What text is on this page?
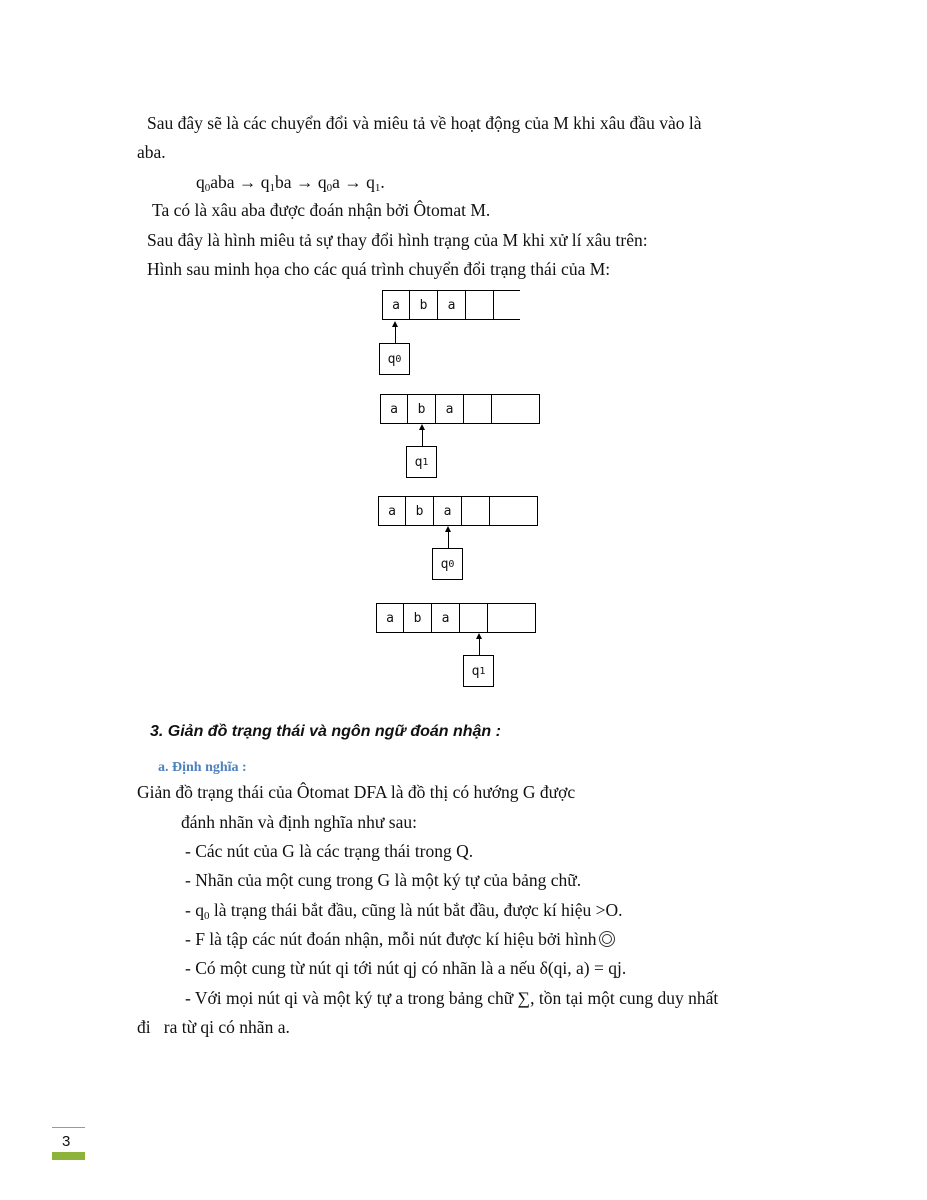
Sau đây sẽ là các chuyển đổi và miêu tả về hoạt động của M khi xâu đầu vào là
aba.
$q_0aba \to q_1ba \to q_0a \to q_1$.
Ta có là xâu aba được đoán nhận bởi Ôtomat M.
Sau đây là hình miêu tả sự thay đổi hình trạng của M khi xử lí xâu trên:
Hình sau minh họa cho các quá trình chuyển đổi trạng thái của M:
a	b	a
q 0
a	b	a
q 1
a	b	a
q 0
a	b	a
q 1
3. Giản đồ trạng thái và ngôn ngữ đoán nhận :
a. Định nghĩa :
Giản đồ trạng thái của Ôtomat DFA là đồ thị có hướng G được
đánh nhãn và định nghĩa như sau:
- Các nút của G là các trạng thái trong Q.
- Nhãn của một cung trong G là một ký tự của bảng chữ.
- $q_0$ là trạng thái bắt đầu, cũng là nút bắt đầu, được kí hiệu >O.
- F là tập các nút đoán nhận, mỗi nút được kí hiệu bởi hình
- Có một cung từ nút qi tới nút qj có nhãn là a nếu δ(qi, a) = qj.
- Với mọi nút qi và một ký tự a trong bảng chữ ∑, tồn tại một cung duy nhất
đi   ra từ qi có nhãn a.
3
